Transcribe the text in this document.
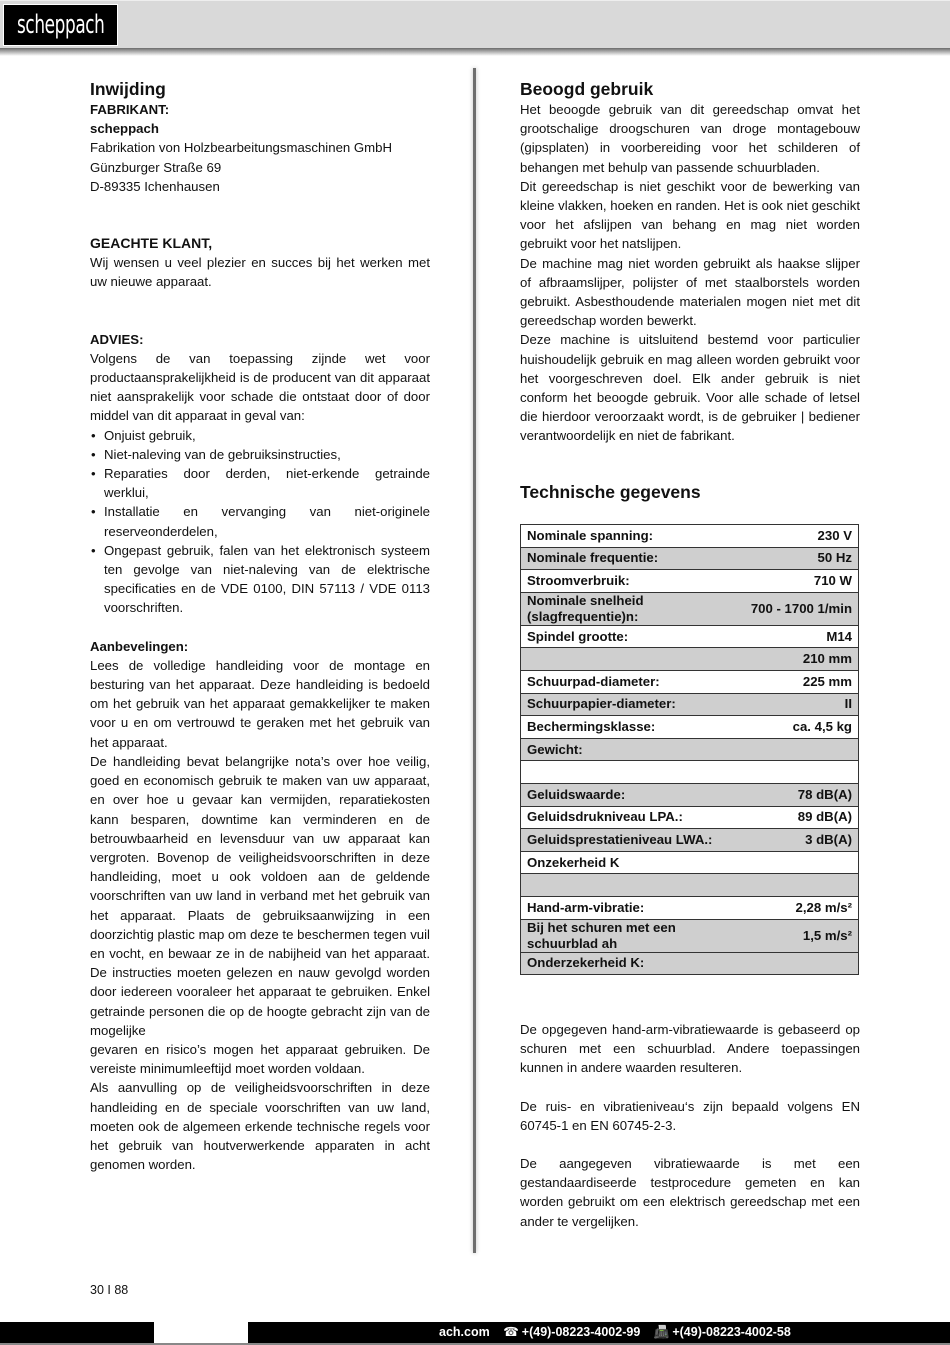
scheppach
Inwijding
FABRIKANT:
scheppach
Fabrikation von Holzbearbeitungsmaschinen GmbH
Günzburger Straße 69
D-89335 Ichenhausen
GEACHTE KLANT,

Wij wensen u veel plezier en succes bij het werken met uw nieuwe apparaat.

ADVIES:

Volgens de van toepassing zijnde wet voor productaansprakelijkheid is de producent van dit apparaat niet aansprakelijk voor schade die ontstaat door of door middel van dit apparaat in geval van:

• Onjuist gebruik,
• Niet-naleving van de gebruiksinstructies,
• Reparaties door derden, niet-erkende getrainde werklui,
• Installatie en vervanging van niet-originele reserveonderdelen,
• Ongepast gebruik, falen van het elektronisch systeem ten gevolge van niet-naleving van de elektrische specificaties en de VDE 0100, DIN 57113 / VDE 0113 voorschriften.
Aanbevelingen:

Lees de volledige handleiding voor de montage en besturing van het apparaat. Deze handleiding is bedoeld om het gebruik van het apparaat gemakkelijker te maken voor u en om vertrouwd te geraken met het gebruik van het apparaat.

De handleiding bevat belangrijke nota’s over hoe veilig, goed en economisch gebruik te maken van uw apparaat, en over hoe u gevaar kan vermijden, reparatiekosten kann besparen, downtime kan verminderen en de betrouwbaarheid en levensduur van uw apparaat kan vergroten. Bovenop de veiligheidsvoorschriften in deze handleiding, moet u ook voldoen aan de geldende voorschriften van uw land in verband met het gebruik van het apparaat. Plaats de gebruiksaanwijzing in een doorzichtig plastic map om deze te beschermen tegen vuil en vocht, en bewaar ze in de nabijheid van het apparaat. De instructies moeten gelezen en nauw gevolgd worden door iedereen vooraleer het apparaat te gebruiken. Enkel getrainde personen die op de hoogte gebracht zijn van de mogelijke

gevaren en risico’s mogen het apparaat gebruiken. De vereiste minimumleeftijd moet worden voldaan.

Als aanvulling op de veiligheidsvoorschriften in deze handleiding en de speciale voorschriften van uw land, moeten ook de algemeen erkende technische regels voor het gebruik van houtverwerkende apparaten in acht genomen worden.

Beoogd gebruik

Het beoogde gebruik van dit gereedschap omvat het grootschalige droogschuren van droge montagebouw (gipsplaten) in voorbereiding voor het schilderen of behangen met behulp van passende schuurbladen.

Dit gereedschap is niet geschikt voor de bewerking van kleine vlakken, hoeken en randen. Het is ook niet geschikt voor het afslijpen van behang en mag niet worden gebruikt voor het natslijpen.

De machine mag niet worden gebruikt als haakse slijper of afbraamslijper, polijster of met staalborstels worden gebruikt. Asbesthoudende materialen mogen niet met dit gereedschap worden bewerkt.

Deze machine is uitsluitend bestemd voor particulier huishoudelijk gebruik en mag alleen worden gebruikt voor het voorgeschreven doel. Elk ander gebruik is niet conform het beoogde gebruik. Voor alle schade of letsel die hierdoor veroorzaakt wordt, is de gebruiker | bediener verantwoordelijk en niet de fabrikant.

Technische gegevens
Nominale spanning:	230 V
Nominale frequentie:	50 Hz
Stroomverbruik:	710 W
Nominale snelheid (slagfrequentie)n:	700 - 1700 1/min
Spindel grootte:	M14
	210 mm
Schuurpad-diameter:	225 mm
Schuurpapier-diameter:	II
Bechermingsklasse:	ca. 4,5 kg
Gewicht:	

Geluidswaarde:	78 dB(A)
Geluidsdrukniveau LPA.:	89 dB(A)
Geluidsprestatieniveau LWA.:	3 dB(A)
Onzekerheid K	

Hand-arm-vibratie:	2,28 m/s²
Bij het schuren met een schuurblad ah	1,5 m/s²
Onderzekerheid K:	

De opgegeven hand-arm-vibratiewaarde is gebaseerd op schuren met een schuurblad. Andere toepassingen kunnen in andere waarden resulteren.

De ruis- en vibratieniveau‘s zijn bepaald volgens EN 60745-1 en EN 60745-2-3.

De aangegeven vibratiewaarde is met een gestandaardiseerde testprocedure gemeten en kan worden gebruikt om een elektrisch gereedschap met een ander te vergelijken.

30 I 88
ach.com ☎ +(49)-08223-4002-99 📠 +(49)-08223-4002-58
